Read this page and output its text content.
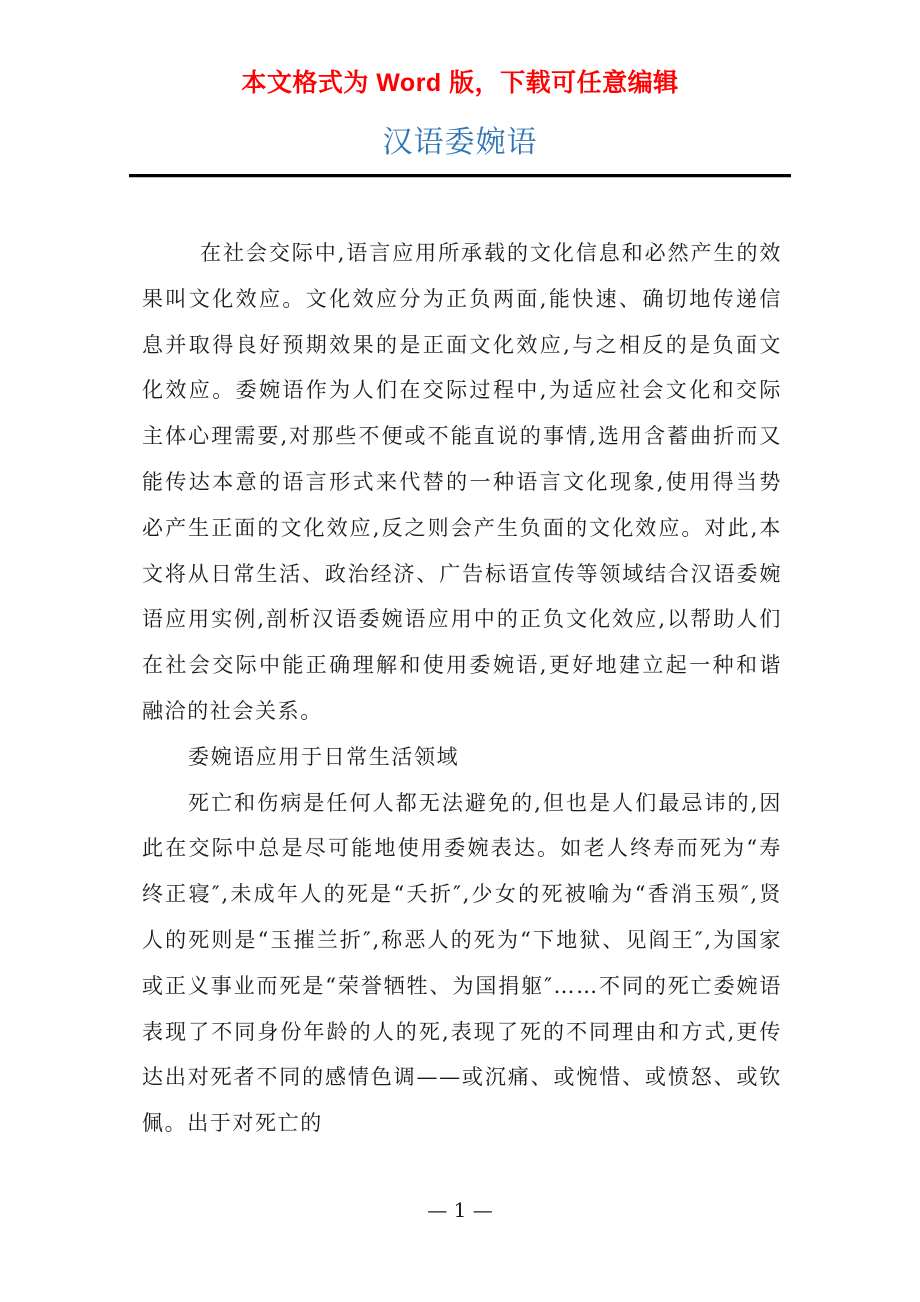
本文格式为 Word 版，下载可任意编辑
汉语委婉语

在社会交际中,语言应用所承载的文化信息和必然产生的效果叫文化效应。文化效应分为正负两面,能快速、确切地传递信息并取得良好预期效果的是正面文化效应,与之相反的是负面文化效应。委婉语作为人们在交际过程中,为适应社会文化和交际主体心理需要,对那些不便或不能直说的事情,选用含蓄曲折而又能传达本意的语言形式来代替的一种语言文化现象,使用得当势必产生正面的文化效应,反之则会产生负面的文化效应。对此,本文将从日常生活、政治经济、广告标语宣传等领域结合汉语委婉语应用实例,剖析汉语委婉语应用中的正负文化效应,以帮助人们在社会交际中能正确理解和使用委婉语,更好地建立起一种和谐融洽的社会关系。

委婉语应用于日常生活领域

死亡和伤病是任何人都无法避免的,但也是人们最忌讳的,因此在交际中总是尽可能地使用委婉表达。如老人终寿而死为“寿终正寝″,未成年人的死是“夭折″,少女的死被喻为“香消玉殒″,贤人的死则是“玉摧兰折″,称恶人的死为“下地狱、见阎王″,为国家或正义事业而死是“荣誉牺牲、为国捐躯″……不同的死亡委婉语表现了不同身份年龄的人的死,表现了死的不同理由和方式,更传达出对死者不同的感情色调——或沉痛、或惋惜、或愤怒、或钦佩。出于对死亡的

— 1 —
